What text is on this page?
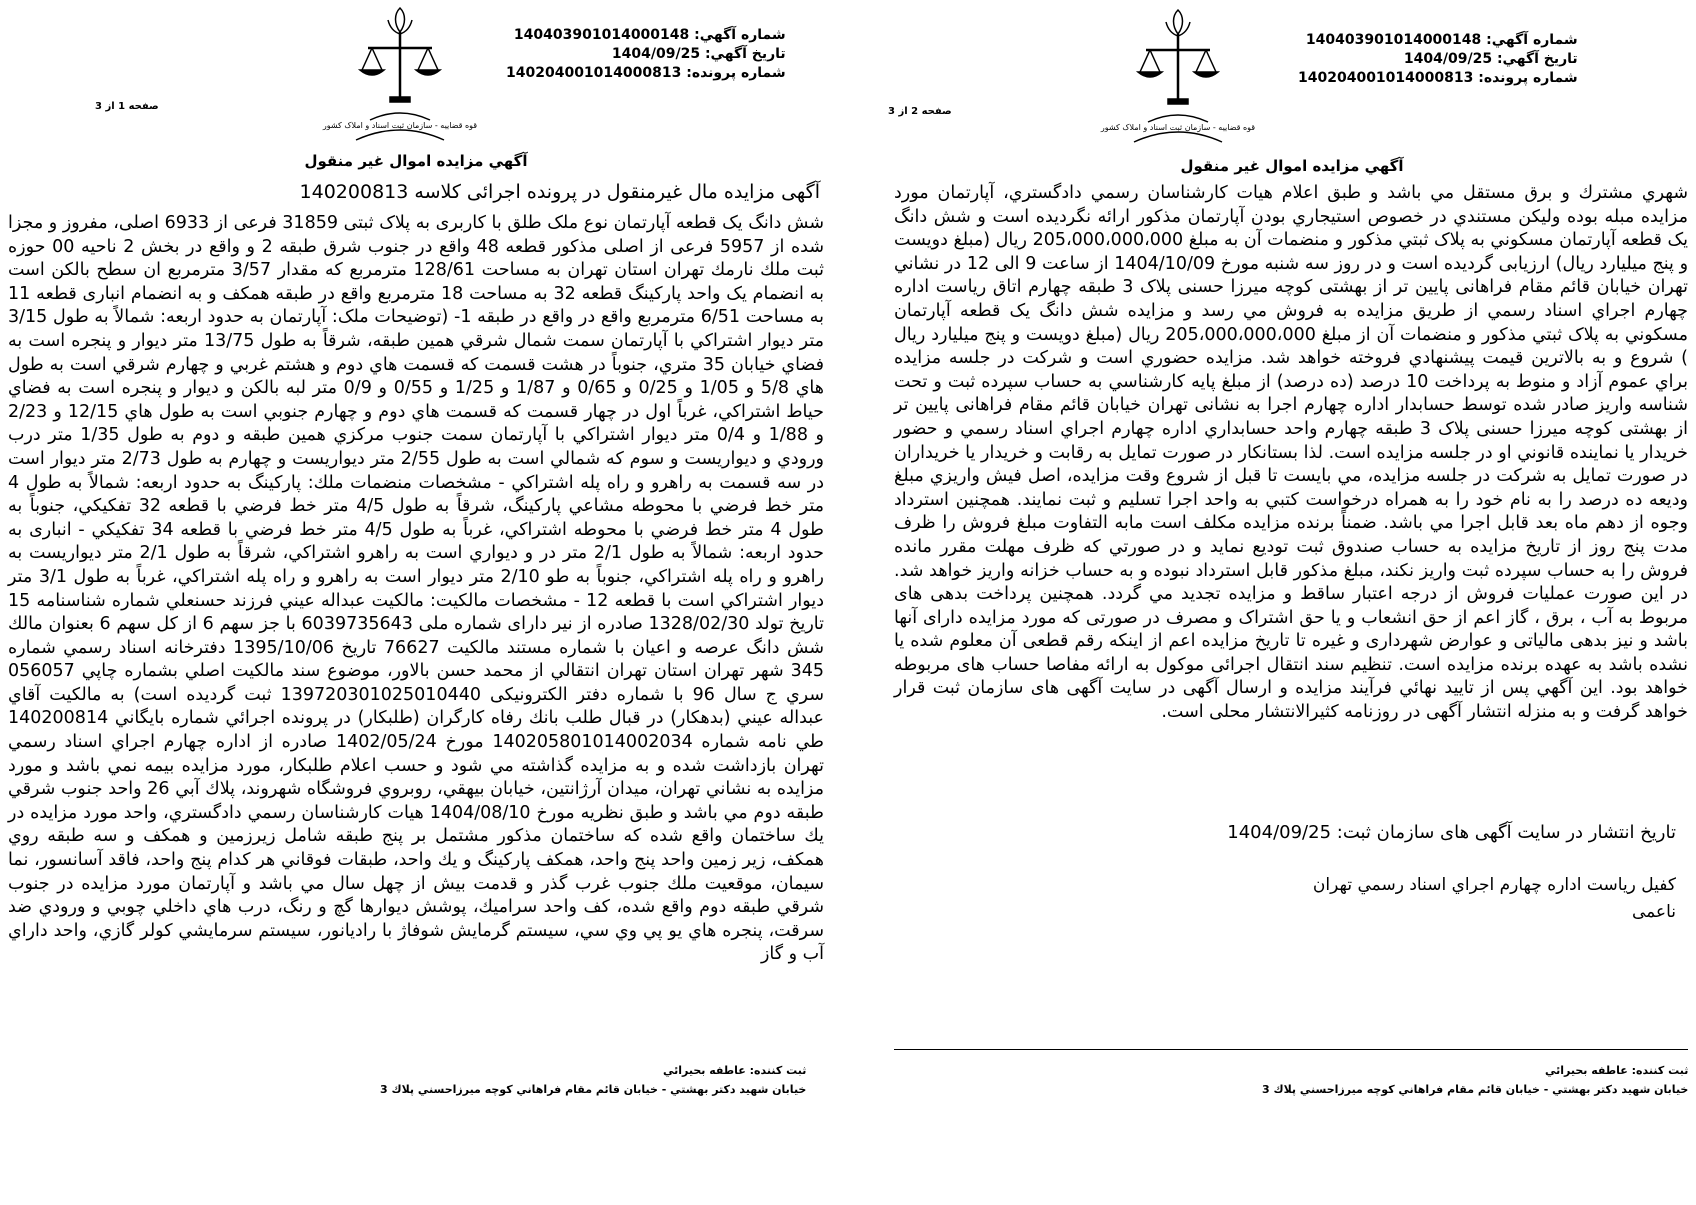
شماره آگهي: 140403901014000148
تاريخ آگهي: 1404/09/25
شماره پرونده: 140204001014000813
قوه قضاییه - سازمان ثبت اسناد و املاک کشور
صفحه 1 از 3
آگهي مزايده اموال غير منقول
آگهی مزایده مال غیرمنقول در پرونده اجرائی کلاسه 140200813

شش دانگ یک قطعه آپارتمان نوع ملک طلق با کاربری به پلاک ثبتی 31859 فرعی از 6933 اصلی، مفروز و مجزا شده از 5957 فرعی از اصلی مذکور قطعه 48 واقع در جنوب شرق طبقه 2 و واقع در بخش 2 ناحيه 00 حوزه ثبت ملك نارمك تهران استان تهران به مساحت 128/61 مترمربع که مقدار 3/57 مترمربع ان سطح بالکن است به انضمام یک واحد پارکینگ قطعه 32 به مساحت 18 مترمربع واقع در طبقه همکف و به انضمام انباری قطعه 11 به مساحت 6/51 مترمربع واقع در واقع در طبقه 1- (توضیحات ملک: آپارتمان به حدود اربعه: شمالاً به طول 3/15 متر ديوار اشتراكي با آپارتمان سمت شمال شرقي همين طبقه، شرقاً به طول 13/75 متر ديوار و پنجره است به فضاي خيابان 35 متري، جنوباً در هشت قسمت كه قسمت هاي دوم و هشتم غربي و چهارم شرقي است به طول هاي 5/8 و 1/05 و 0/25 و 0/65 و 1/87 و 1/25 و 0/55 و 0/9 متر لبه بالكن و ديوار و پنجره است به فضاي حياط اشتراكي، غرباً اول در چهار قسمت كه قسمت هاي دوم و چهارم جنوبي است به طول هاي 12/15 و 2/23 و 1/88 و 0/4 متر ديوار اشتراكي با آپارتمان سمت جنوب مركزي همين طبقه و دوم به طول 1/35 متر درب ورودي و ديواريست و سوم كه شمالي است به طول 2/55 متر ديواريست و چهارم به طول 2/73 متر ديوار است در سه قسمت به راهرو و راه پله اشتراكي - مشخصات منضمات ملك: پاركينگ به حدود اربعه: شمالاً به طول 4 متر خط فرضي با محوطه مشاعي پاركينگ، شرقاً به طول 4/5 متر خط فرضي با قطعه 32 تفكيكي، جنوباً به طول 4 متر خط فرضي با محوطه اشتراكي، غرباً به طول 4/5 متر خط فرضي با قطعه 34 تفكيكي - انباری به حدود اربعه: شمالاً به طول 2/1 متر در و ديواري است به راهرو اشتراكي، شرقاً به طول 2/1 متر ديواريست به راهرو و راه پله اشتراكي، جنوباً به طو 2/10 متر ديوار است به راهرو و راه پله اشتراكي، غرباً به طول 3/1 متر ديوار اشتراكي است با قطعه 12 - مشخصات مالكيت: مالكيت عبداله عيني فرزند حسنعلي شماره شناسنامه 15 تاريخ تولد 1328/02/30 صادره از نير دارای شماره ملی 6039735643 با جز سهم 6 از كل سهم 6 بعنوان مالك شش دانگ عرصه و اعيان با شماره مستند مالكيت 76627 تاريخ 1395/10/06 دفترخانه اسناد رسمي شماره 345 شهر تهران استان تهران انتقالي از محمد حسن بالاور، موضوع سند مالكيت اصلي بشماره چاپي 056057 سري ج سال 96 با شماره دفتر الکترونیکی 139720301025010440 ثبت گرديده است) به مالكيت آقاي عبداله عيني (بدهكار) در قبال طلب بانك رفاه كارگران (طلبكار) در پرونده اجرائي شماره بايگاني 140200814 طي نامه شماره 140205801014002034 مورخ 1402/05/24 صادره از اداره چهارم اجراي اسناد رسمي تهران بازداشت شده و به مزايده گذاشته مي شود و حسب اعلام طلبكار، مورد مزايده بيمه نمي باشد و مورد مزايده به نشاني تهران، ميدان آرژانتين، خيابان بيهقي، روبروي فروشگاه شهروند، پلاك آبي 26 واحد جنوب شرقي طبقه دوم مي باشد و طبق نظريه مورخ 1404/08/10 هيات كارشناسان رسمي دادگستري، واحد مورد مزايده در يك ساختمان واقع شده كه ساختمان مذكور مشتمل بر پنج طبقه شامل زيرزمين و همكف و سه طبقه روي همكف، زير زمين واحد پنج واحد، همكف پاركينگ و يك واحد، طبقات فوقاني هر كدام پنج واحد، فاقد آسانسور، نما سيمان، موقعيت ملك جنوب غرب گذر و قدمت بيش از چهل سال مي باشد و آپارتمان مورد مزايده در جنوب شرقي طبقه دوم واقع شده، كف واحد سراميك، پوشش ديوارها گچ و رنگ، درب هاي داخلي چوبي و ورودي ضد سرقت، پنجره هاي يو پي وي سي، سيستم گرمايش شوفاژ با راديانور، سيستم سرمايشي كولر گازي، واحد داراي آب و گاز

ثبت كننده: عاطفه بحيرائي
خيابان شهيد دكتر بهشتي - خيابان قائم مقام فراهاني كوچه ميرزاحسني پلاك 3
شماره آگهي: 140403901014000148
تاريخ آگهي: 1404/09/25
شماره پرونده: 140204001014000813
قوه قضاییه - سازمان ثبت اسناد و املاک کشور
صفحه 2 از 3
آگهي مزايده اموال غير منقول

شهري مشترك و برق مستقل مي باشد و طبق اعلام هيات كارشناسان رسمي دادگستري، آپارتمان مورد مزايده مبله بوده وليكن مستندي در خصوص استيجاري بودن آپارتمان مذكور ارائه نگرديده است و شش دانگ يک قطعه آپارتمان مسكوني به پلاک ثبتي مذكور و منضمات آن به مبلغ 205،000،000،000 ريال (مبلغ دويست و پنج ميليارد ريال) ارزيابی گرديده است و در روز سه شنبه مورخ 1404/10/09 از ساعت 9 الی 12 در نشاني تهران خيابان قائم مقام فراهانی پايين تر از بهشتی کوچه ميرزا حسنی پلاک 3 طبقه چهارم اتاق رياست اداره چهارم اجراي اسناد رسمي از طريق مزايده به فروش مي رسد و مزايده شش دانگ يک قطعه آپارتمان مسكوني به پلاک ثبتي مذكور و منضمات آن از مبلغ 205،000،000،000 ريال (مبلغ دويست و پنج ميليارد ريال ) شروع و به بالاترين قيمت پيشنهادي فروخته خواهد شد. مزايده حضوري است و شركت در جلسه مزايده براي عموم آزاد و منوط به پرداخت 10 درصد (ده درصد) از مبلغ پايه كارشناسي به حساب سپرده ثبت و تحت شناسه واريز صادر شده توسط حسابدار اداره چهارم اجرا به نشانی تهران خيابان قائم مقام فراهانی پايين تر از بهشتی کوچه ميرزا حسنی پلاک 3 طبقه چهارم واحد حسابداري اداره چهارم اجراي اسناد رسمي و حضور خريدار يا نماينده قانوني او در جلسه مزايده است. لذا بستانكار در صورت تمايل به رقابت و خريدار يا خريداران در صورت تمايل به شركت در جلسه مزايده، مي بايست تا قبل از شروع وقت مزايده، اصل فيش واريزي مبلغ وديعه ده درصد را به نام خود را به همراه درخواست كتبي به واحد اجرا تسليم و ثبت نمايند. همچنين استرداد وجوه از دهم ماه بعد قابل اجرا مي باشد. ضمناً برنده مزايده مكلف است مابه التفاوت مبلغ فروش را ظرف مدت پنج روز از تاريخ مزايده به حساب صندوق ثبت توديع نمايد و در صورتي كه ظرف مهلت مقرر مانده فروش را به حساب سپرده ثبت واريز نكند، مبلغ مذكور قابل استرداد نبوده و به حساب خزانه واريز خواهد شد. در اين صورت عمليات فروش از درجه اعتبار ساقط و مزايده تجديد مي گردد. همچنين پرداخت بدهی های مربوط به آب ، برق ، گاز اعم از حق انشعاب و يا حق اشتراک و مصرف در صورتی که مورد مزايده دارای آنها باشد و نيز بدهی مالياتی و عوارض شهرداری و غيره تا تاريخ مزايده اعم از اينكه رقم قطعی آن معلوم شده يا نشده باشد به عهده برنده مزايده است. تنظيم سند انتقال اجرائی موکول به ارائه مفاصا حساب های مربوطه خواهد بود. اين آگهي پس از تاييد نهائي فرآيند مزايده و ارسال آگهی در سايت آگهی های سازمان ثبت قرار خواهد گرفت و به منزله انتشار آگهی در روزنامه کثيرالانتشار محلی است.

تاريخ انتشار در سايت آگهی های سازمان ثبت: 1404/09/25
کفيل رياست اداره چهارم اجراي اسناد رسمي تهران
ناعمی
ثبت كننده: عاطفه بحيرائي
خيابان شهيد دكتر بهشتي - خيابان قائم مقام فراهاني كوچه ميرزاحسني پلاك 3
